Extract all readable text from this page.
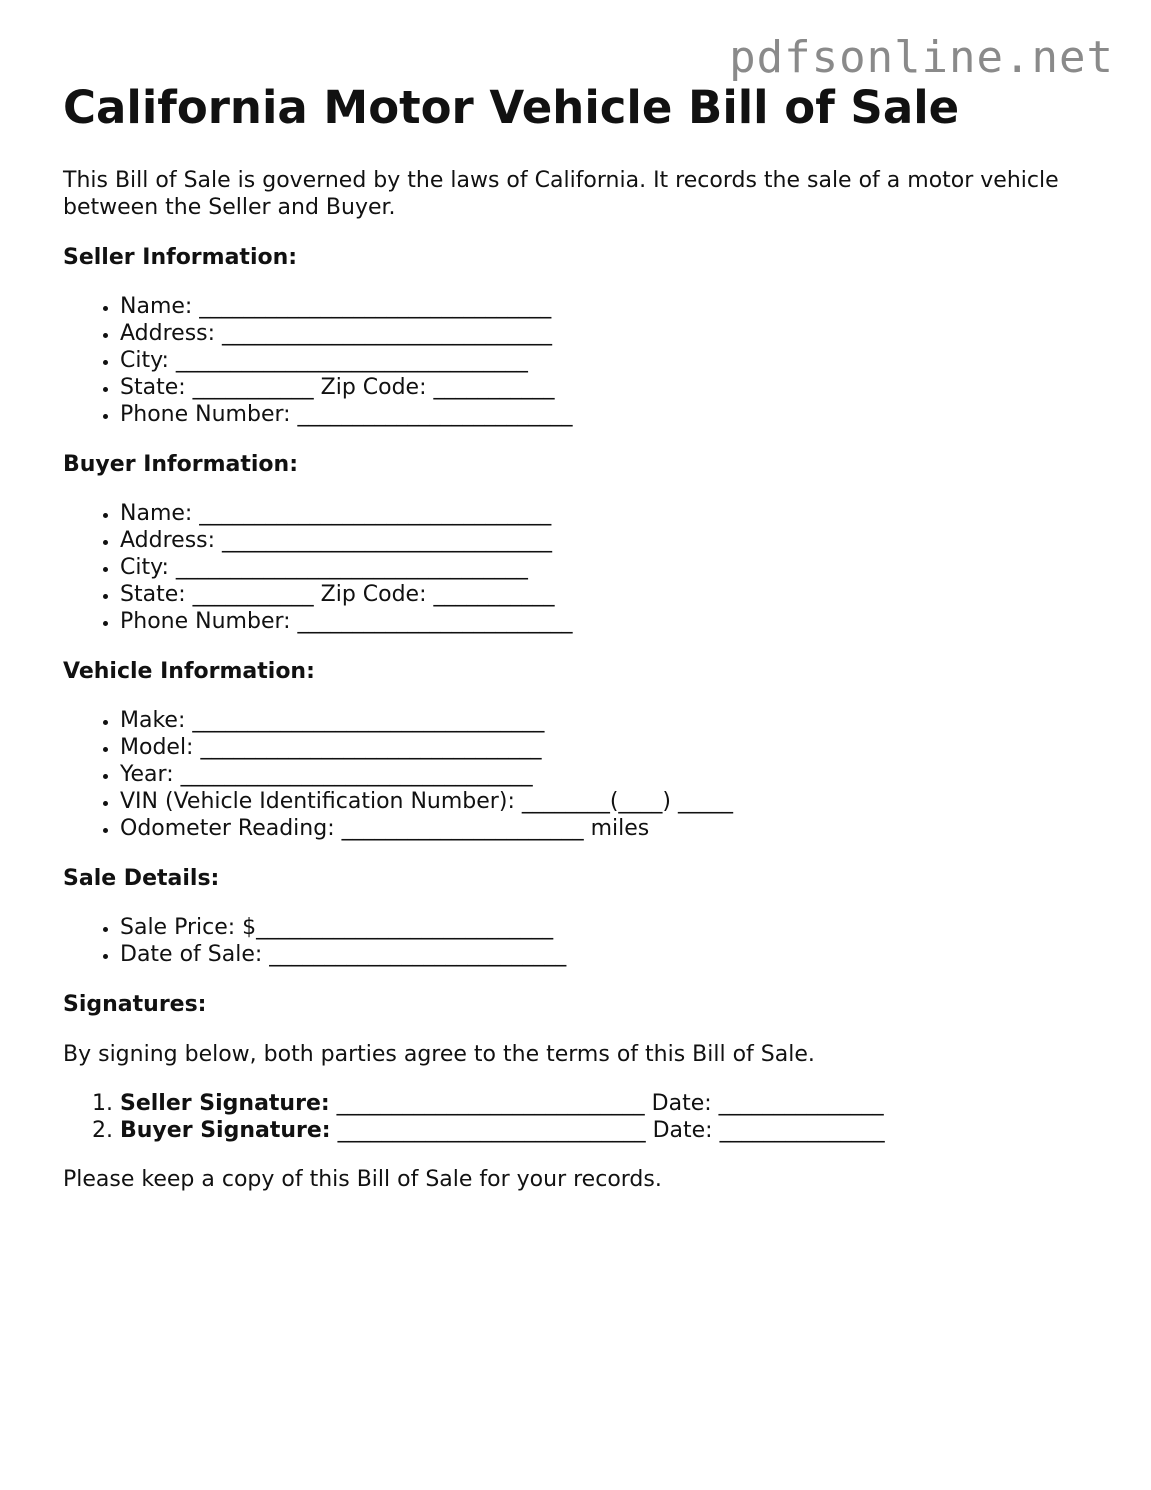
pdfsonline.net
California Motor Vehicle Bill of Sale

This Bill of Sale is governed by the laws of California. It records the sale of a motor vehicle between the Seller and Buyer.

Seller Information:
• Name: ________________________________
• Address: ______________________________
• City: ________________________________
• State: ___________ Zip Code: ___________
• Phone Number: _________________________
Buyer Information:
• Name: ________________________________
• Address: ______________________________
• City: ________________________________
• State: ___________ Zip Code: ___________
• Phone Number: _________________________
Vehicle Information:
• Make: ________________________________
• Model: _______________________________
• Year: ________________________________
• VIN (Vehicle Identification Number): ________(____) _____
• Odometer Reading: ______________________ miles
Sale Details:
• Sale Price: $___________________________
• Date of Sale: ___________________________
Signatures:

By signing below, both parties agree to the terms of this Bill of Sale.

1. Seller Signature: ____________________________ Date: _______________
2. Buyer Signature: ____________________________ Date: _______________

Please keep a copy of this Bill of Sale for your records.
